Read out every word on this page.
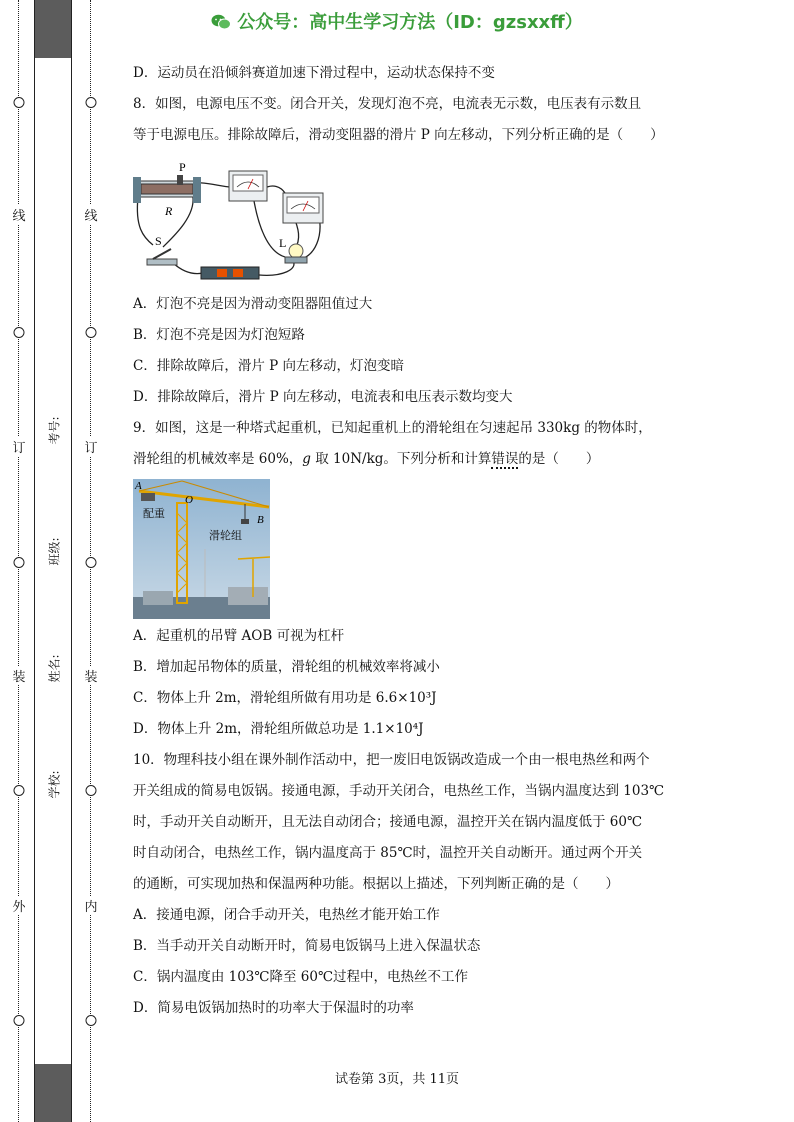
线
订
装
外
学校:
姓名:
班级:
考号:
线
订
装
内
公众号：高中生学习方法（ID：gzsxxff）

D．运动员在沿倾斜赛道加速下滑过程中，运动状态保持不变

8．如图，电源电压不变。闭合开关，发现灯泡不亮，电流表无示数，电压表有示数且

等于电源电压。排除故障后，滑动变阻器的滑片 P 向左移动，下列分析正确的是（　　）

P
R
L
S

A．灯泡不亮是因为滑动变阻器阻值过大

B．灯泡不亮是因为灯泡短路

C．排除故障后，滑片 P 向左移动，灯泡变暗

D．排除故障后，滑片 P 向左移动，电流表和电压表示数均变大

9．如图，这是一种塔式起重机，已知起重机上的滑轮组在匀速起吊 330kg 的物体时，

滑轮组的机械效率是 60%，g 取 10N/kg。下列分析和计算错误的是（　　）

A
O
B
配重
滑轮组

A．起重机的吊臂 AOB 可视为杠杆

B．增加起吊物体的质量，滑轮组的机械效率将减小

C．物体上升 2m，滑轮组所做有用功是 6.6×10³J

D．物体上升 2m，滑轮组所做总功是 1.1×10⁴J

10．物理科技小组在课外制作活动中，把一废旧电饭锅改造成一个由一根电热丝和两个

开关组成的简易电饭锅。接通电源，手动开关闭合，电热丝工作，当锅内温度达到 103℃

时，手动开关自动断开，且无法自动闭合；接通电源，温控开关在锅内温度低于 60℃

时自动闭合，电热丝工作，锅内温度高于 85℃时，温控开关自动断开。通过两个开关

的通断，可实现加热和保温两种功能。根据以上描述，下列判断正确的是（　　）

A．接通电源，闭合手动开关，电热丝才能开始工作

B．当手动开关自动断开时，简易电饭锅马上进入保温状态

C．锅内温度由 103℃降至 60℃过程中，电热丝不工作

D．简易电饭锅加热时的功率大于保温时的功率

试卷第 3页，共 11页
